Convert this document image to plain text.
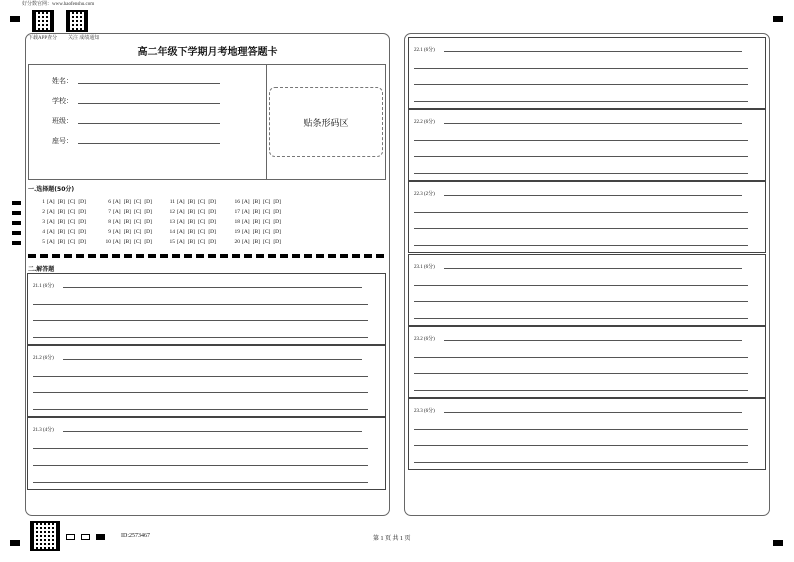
好分数官网：www.haofenshu.com
下载APP查分 关注 成绩通知
高二年级下学期月考地理答题卡
姓名：
学校：
班级：
座号：
贴条形码区
一.选择题(50分)
1 [A] [B] [C] [D]
2 [A] [B] [C] [D]
3 [A] [B] [C] [D]
4 [A] [B] [C] [D]
5 [A] [B] [C] [D]
6 [A] [B] [C] [D]
7 [A] [B] [C] [D]
8 [A] [B] [C] [D]
9 [A] [B] [C] [D]
10 [A] [B] [C] [D]
11 [A] [B] [C] [D]
12 [A] [B] [C] [D]
13 [A] [B] [C] [D]
14 [A] [B] [C] [D]
15 [A] [B] [C] [D]
16 [A] [B] [C] [D]
17 [A] [B] [C] [D]
18 [A] [B] [C] [D]
19 [A] [B] [C] [D]
20 [A] [B] [C] [D]
二.解答题
21.1 (6分)
21.2 (6分)
21.3 (4分)
22.1 (6分)
22.2 (6分)
22.3 (2分)
23.1 (6分)
23.2 (6分)
23.3 (6分)
ID:2573467	第 1 页 共 1 页
